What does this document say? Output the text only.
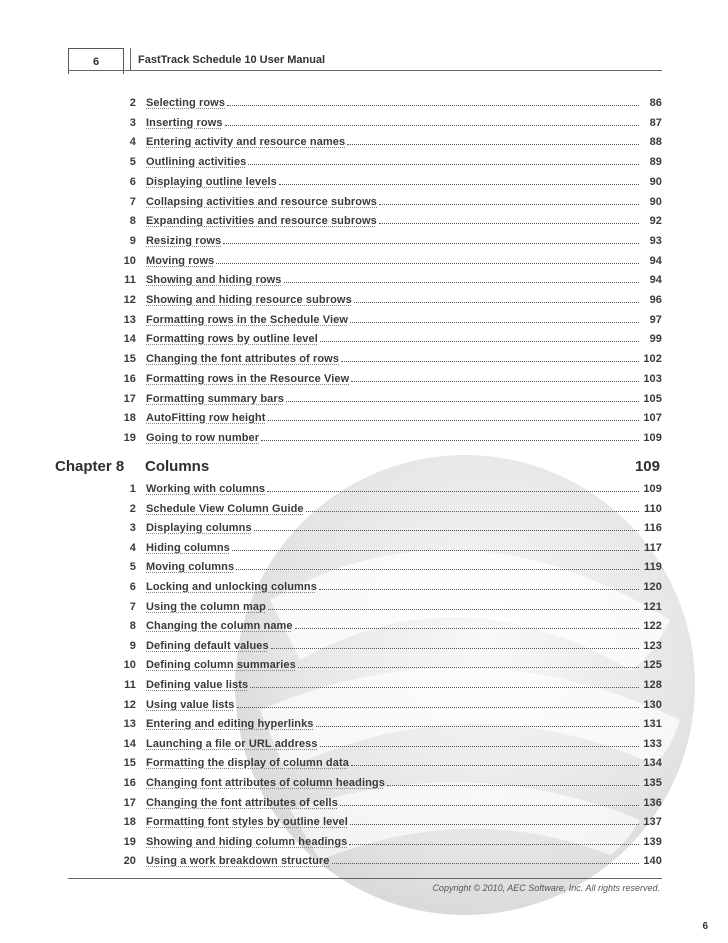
6	FastTrack Schedule 10 User Manual
2 Selecting rows	86
3 Inserting rows	87
4 Entering activity and resource names	88
5 Outlining activities	89
6 Displaying outline levels	90
7 Collapsing activities and resource subrows	90
8 Expanding activities and resource subrows	92
9 Resizing rows	93
10 Moving rows	94
11 Showing and hiding rows	94
12 Showing and hiding resource subrows	96
13 Formatting rows in the Schedule View	97
14 Formatting rows by outline level	99
15 Changing the font attributes of rows	102
16 Formatting rows in the Resource View	103
17 Formatting summary bars	105
18 AutoFitting row height	107
19 Going to row number	109
Chapter 8	Columns	109
1 Working with columns	109
2 Schedule View Column Guide	110
3 Displaying columns	116
4 Hiding columns	117
5 Moving columns	119
6 Locking and unlocking columns	120
7 Using the column map	121
8 Changing the column name	122
9 Defining default values	123
10 Defining column summaries	125
11 Defining value lists	128
12 Using value lists	130
13 Entering and editing hyperlinks	131
14 Launching a file or URL address	133
15 Formatting the display of column data	134
16 Changing font attributes of column headings	135
17 Changing the font attributes of cells	136
18 Formatting font styles by outline level	137
19 Showing and hiding column headings	139
20 Using a work breakdown structure	140
Copyright © 2010, AEC Software, Inc. All rights reserved.
6
